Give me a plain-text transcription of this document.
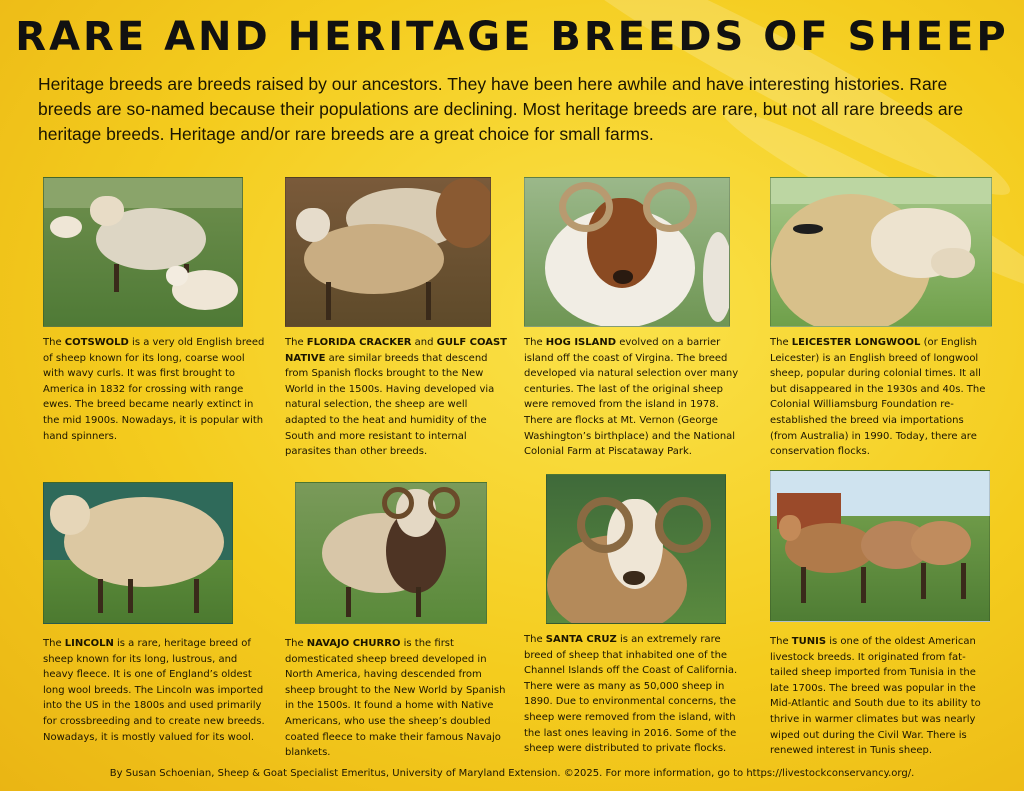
RARE AND HERITAGE BREEDS OF SHEEP

Heritage breeds are breeds raised by our ancestors. They have been here awhile and have interesting histories. Rare breeds are so-named because their populations are declining. Most heritage breeds are rare, but not all rare breeds are heritage breeds. Heritage and/or rare breeds are a great choice for small farms.

The COTSWOLD is a very old English breed of sheep known for its long, coarse wool with wavy curls. It was first brought to America in 1832 for crossing with range ewes. The breed became nearly extinct in the mid 1900s. Nowadays, it is popular with hand spinners.
The FLORIDA CRACKER and GULF COAST NATIVE are similar breeds that descend from Spanish flocks brought to the New World in the 1500s. Having developed via natural selection, the sheep are well adapted to the heat and humidity of the South and more resistant to internal parasites than other breeds.
The HOG ISLAND evolved on a barrier island off the coast of Virgina. The breed developed via natural selection over many centuries. The last of the original sheep were removed from the island in 1978. There are flocks at Mt. Vernon (George Washington’s birthplace) and the National Colonial Farm at Piscataway Park.
The LEICESTER LONGWOOL (or English Leicester) is an English breed of longwool sheep, popular during colonial times. It all but disappeared in the 1930s and 40s. The Colonial Williamsburg Foundation re-established the breed via importations (from Australia) in 1990. Today, there are conservation flocks.
The LINCOLN is a rare, heritage breed of sheep known for its long, lustrous, and heavy fleece. It is one of England’s oldest long wool breeds. The Lincoln was imported into the US in the 1800s and used primarily for crossbreeding and to create new breeds. Nowadays, it is mostly valued for its wool.
The NAVAJO CHURRO is the first domesticated sheep breed developed in North America, having descended from sheep brought to the New World by Spanish in the 1500s. It found a home with Native Americans, who use the sheep’s doubled coated fleece to make their famous Navajo blankets.
The SANTA CRUZ is an extremely rare breed of sheep that inhabited one of the Channel Islands off the Coast of California. There were as many as 50,000 sheep in 1890. Due to environmental concerns, the sheep were removed from the island, with the last ones leaving in 2016. Some of the sheep were distributed to private flocks.
The TUNIS is one of the oldest American livestock breeds. It originated from fat-tailed sheep imported from Tunisia in the late 1700s. The breed was popular in the Mid-Atlantic and South due to its ability to thrive in warmer climates but was nearly wiped out during the Civil War. There is renewed interest in Tunis sheep.
By Susan Schoenian, Sheep & Goat Specialist Emeritus, University of Maryland Extension. ©2025. For more information, go to https://livestockconservancy.org/.
